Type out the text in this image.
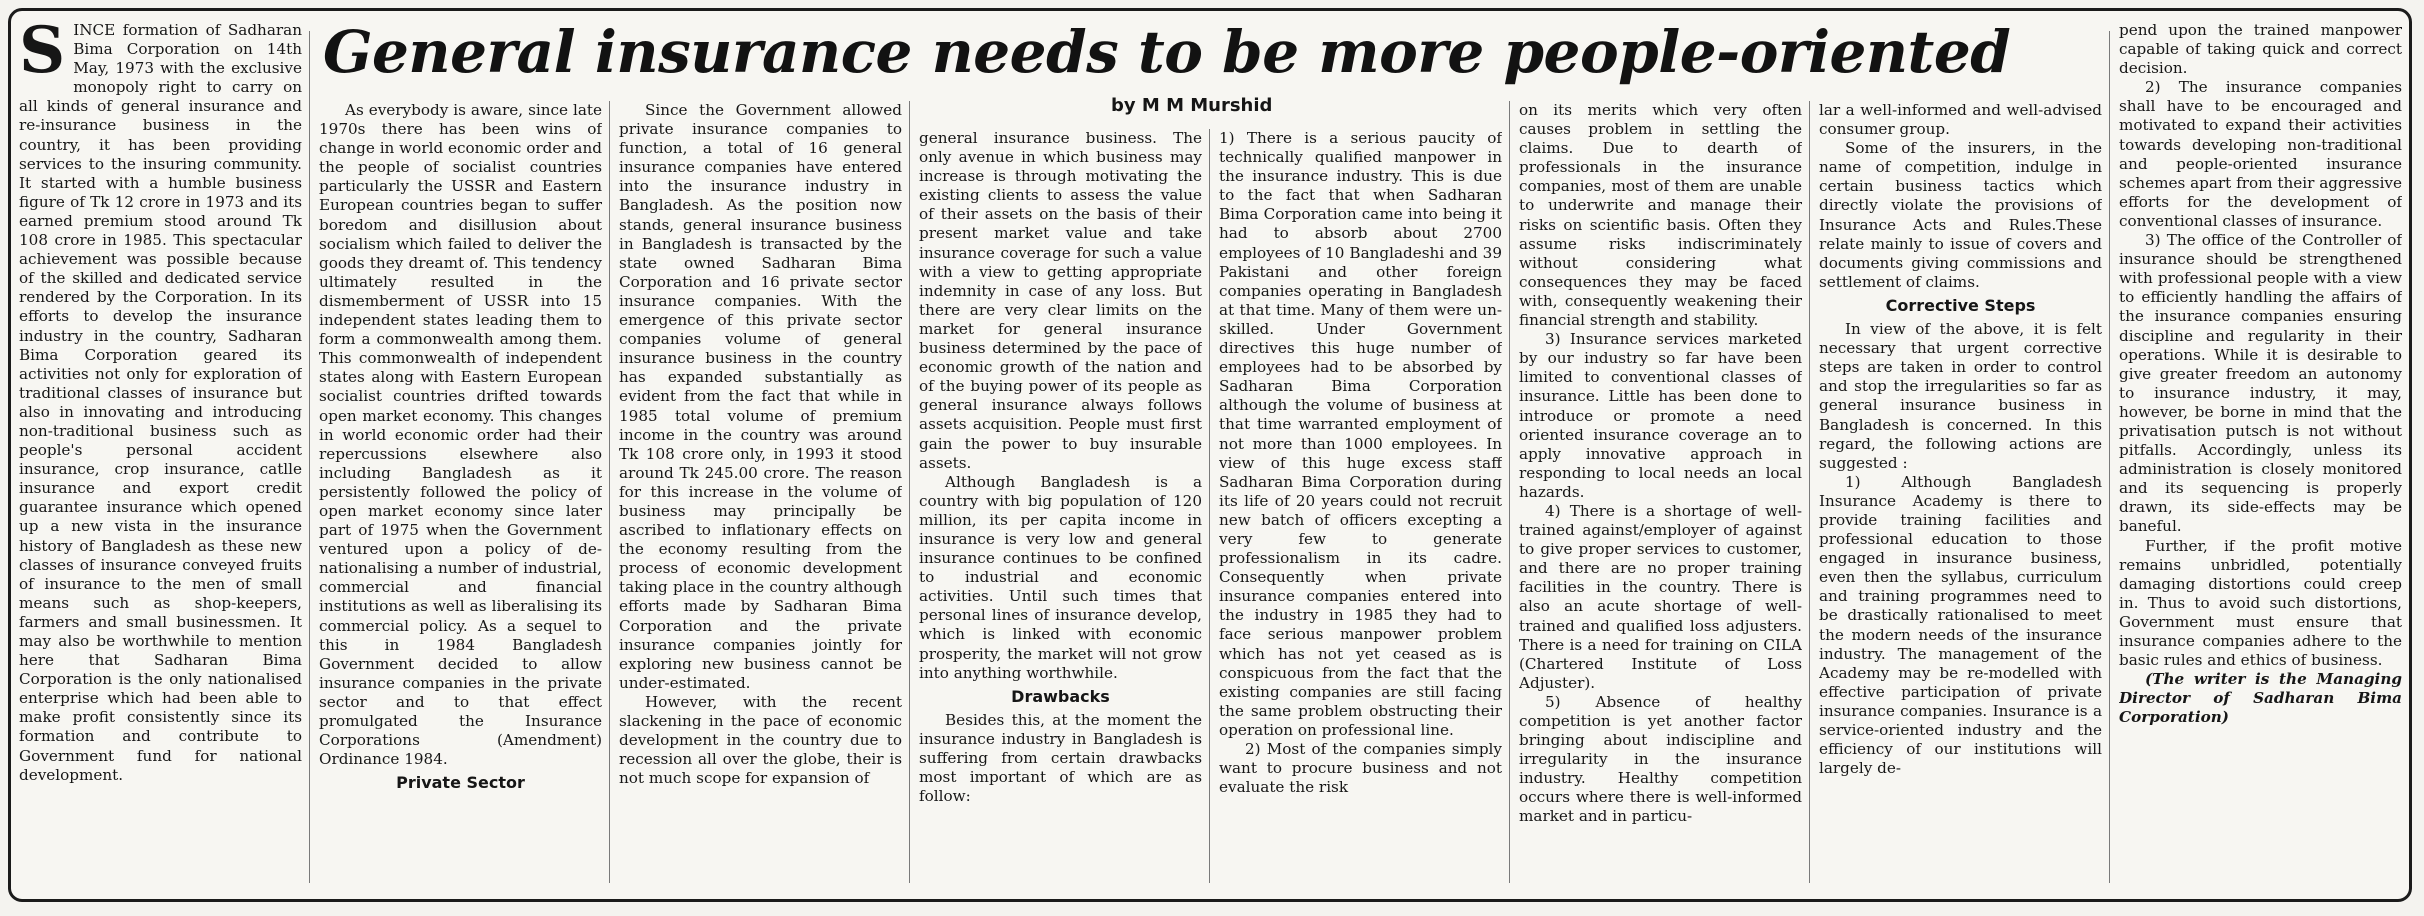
General insurance needs to be more people-oriented
by M M Murshid
S INCE formation of Sadharan Bima Corporation on 14th May, 1973 with the exclusive monopoly right to carry on all kinds of general insurance and re-insurance business in the country, it has been providing services to the insuring community. It started with a humble business figure of Tk 12 crore in 1973 and its earned premium stood around Tk 108 crore in 1985. This spectacular achievement was possible because of the skilled and dedicated service rendered by the Corporation. In its efforts to develop the insurance industry in the country, Sadharan Bima Corporation geared its activities not only for exploration of traditional classes of insurance but also in innovating and introducing non-traditional business such as people's personal accident insurance, crop insurance, catlle insurance and export credit guarantee insurance which opened up a new vista in the insurance history of Bangladesh as these new classes of insurance conveyed fruits of insurance to the men of small means such as shop-keepers, farmers and small businessmen. It may also be worthwhile to mention here that Sadharan Bima Corporation is the only nationalised enterprise which had been able to make profit consistently since its formation and contribute to Government fund for national development.

As everybody is aware, since late 1970s there has been wins of change in world economic order and the people of socialist countries particularly the USSR and Eastern European countries began to suffer boredom and disillusion about socialism which failed to deliver the goods they dreamt of. This tendency ultimately resulted in the dismemberment of USSR into 15 independent states leading them to form a commonwealth among them. This commonwealth of independent states along with Eastern European socialist countries drifted towards open market economy. This changes in world economic order had their repercussions elsewhere also including Bangladesh as it persistently followed the policy of open market economy since later part of 1975 when the Government ventured upon a policy of de-nationalising a number of industrial, commercial and financial institutions as well as liberalising its commercial policy. As a sequel to this in 1984 Bangladesh Government decided to allow insurance companies in the private sector and to that effect promulgated the Insurance Corporations (Amendment) Ordinance 1984.

Private Sector

Since the Government allowed private insurance companies to function, a total of 16 general insurance companies have entered into the insurance industry in Bangladesh. As the position now stands, general insurance business in Bangladesh is transacted by the state owned Sadharan Bima Corporation and 16 private sector insurance companies. With the emergence of this private sector companies volume of general insurance business in the country has expanded substantially as evident from the fact that while in 1985 total volume of premium income in the country was around Tk 108 crore only, in 1993 it stood around Tk 245.00 crore. The reason for this increase in the volume of business may principally be ascribed to inflationary effects on the economy resulting from the process of economic development taking place in the country although efforts made by Sadharan Bima Corporation and the private insurance companies jointly for exploring new business cannot be under-estimated.

However, with the recent slackening in the pace of economic development in the country due to recession all over the globe, their is not much scope for expansion of

general insurance business. The only avenue in which business may increase is through motivating the existing clients to assess the value of their assets on the basis of their present market value and take insurance coverage for such a value with a view to getting appropriate indemnity in case of any loss. But there are very clear limits on the market for general insurance business determined by the pace of economic growth of the nation and of the buying power of its people as general insurance always follows assets acquisition. People must first gain the power to buy insurable assets.

Although Bangladesh is a country with big population of 120 million, its per capita income in insurance is very low and general insurance continues to be confined to industrial and economic activities. Until such times that personal lines of insurance develop, which is linked with economic prosperity, the market will not grow into anything worthwhile.

Drawbacks

Besides this, at the moment the insurance industry in Bangladesh is suffering from certain drawbacks most important of which are as follow:

1) There is a serious paucity of technically qualified manpower in the insurance industry. This is due to the fact that when Sadharan Bima Corporation came into being it had to absorb about 2700 employees of 10 Bangladeshi and 39 Pakistani and other foreign companies operating in Bangladesh at that time. Many of them were un-skilled. Under Government directives this huge number of employees had to be absorbed by Sadharan Bima Corporation although the volume of business at that time warranted employment of not more than 1000 employees. In view of this huge excess staff Sadharan Bima Corporation during its life of 20 years could not recruit new batch of officers excepting a very few to generate professionalism in its cadre. Consequently when private insurance companies entered into the industry in 1985 they had to face serious manpower problem which has not yet ceased as is conspicuous from the fact that the existing companies are still facing the same problem obstructing their operation on professional line.

2) Most of the companies simply want to procure business and not evaluate the risk

on its merits which very often causes problem in settling the claims. Due to dearth of professionals in the insurance companies, most of them are unable to underwrite and manage their risks on scientific basis. Often they assume risks indiscriminately without considering what consequences they may be faced with, consequently weakening their financial strength and stability.

3) Insurance services marketed by our industry so far have been limited to conventional classes of insurance. Little has been done to introduce or promote a need oriented insurance coverage an to apply innovative approach in responding to local needs an local hazards.

4) There is a shortage of well-trained against/employer of against to give proper services to customer, and there are no proper training facilities in the country. There is also an acute shortage of well-trained and qualified loss adjusters. There is a need for training on CILA (Chartered Institute of Loss Adjuster).

5) Absence of healthy competition is yet another factor bringing about indiscipline and irregularity in the insurance industry. Healthy competition occurs where there is well-informed market and in particu-

lar a well-informed and well-advised consumer group.

Some of the insurers, in the name of competition, indulge in certain business tactics which directly violate the provisions of Insurance Acts and Rules.These relate mainly to issue of covers and documents giving commissions and settlement of claims.

Corrective Steps

In view of the above, it is felt necessary that urgent corrective steps are taken in order to control and stop the irregularities so far as general insurance business in Bangladesh is concerned. In this regard, the following actions are suggested :

1) Although Bangladesh Insurance Academy is there to provide training facilities and professional education to those engaged in insurance business, even then the syllabus, curriculum and training programmes need to be drastically rationalised to meet the modern needs of the insurance industry. The management of the Academy may be re-modelled with effective participation of private insurance companies. Insurance is a service-oriented industry and the efficiency of our institutions will largely de-

pend upon the trained manpower capable of taking quick and correct decision.

2) The insurance companies shall have to be encouraged and motivated to expand their activities towards developing non-traditional and people-oriented insurance schemes apart from their aggressive efforts for the development of conventional classes of insurance.

3) The office of the Controller of insurance should be strengthened with professional people with a view to efficiently handling the affairs of the insurance companies ensuring discipline and regularity in their operations. While it is desirable to give greater freedom an autonomy to insurance industry, it may, however, be borne in mind that the privatisation putsch is not without pitfalls. Accordingly, unless its administration is closely monitored and its sequencing is properly drawn, its side-effects may be baneful.

Further, if the profit motive remains unbridled, potentially damaging distortions could creep in. Thus to avoid such distortions, Government must ensure that insurance companies adhere to the basic rules and ethics of business.

(The writer is the Managing Director of Sadharan Bima Corporation)
